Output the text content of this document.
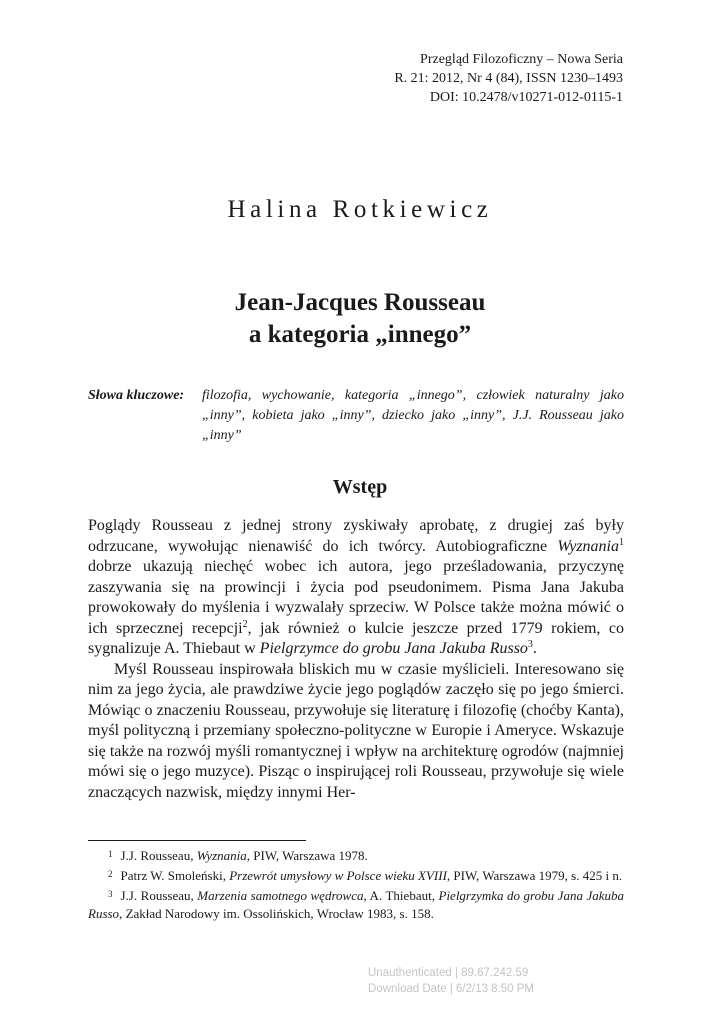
Przegląd Filozoficzny – Nowa Seria
R. 21: 2012, Nr 4 (84), ISSN 1230–1493
DOI: 10.2478/v10271-012-0115-1
Halina Rotkiewicz
Jean-Jacques Rousseau
a kategoria „innego”
Słowa kluczowe: filozofia, wychowanie, kategoria „innego”, człowiek naturalny jako „inny”, kobieta jako „inny”, dziecko jako „inny”, J.J. Rousseau jako „inny”
Wstęp

Poglądy Rousseau z jednej strony zyskiwały aprobatę, z drugiej zaś były odrzucane, wywołując nienawiść do ich twórcy. Autobiograficzne Wyznania$^1$ dobrze ukazują niechęć wobec ich autora, jego prześladowania, przyczynę zaszywania się na prowincji i życia pod pseudonimem. Pisma Jana Jakuba prowokowały do myślenia i wyzwalały sprzeciw. W Polsce także można mówić o ich sprzecznej recepcji$^2$, jak również o kulcie jeszcze przed 1779 rokiem, co sygnalizuje A. Thiebaut w Pielgrzymce do grobu Jana Jakuba Russo$^3$.

Myśl Rousseau inspirowała bliskich mu w czasie myślicieli. Interesowano się nim za jego życia, ale prawdziwe życie jego poglądów zaczęło się po jego śmierci. Mówiąc o znaczeniu Rousseau, przywołuje się literaturę i filozofię (choćby Kanta), myśl polityczną i przemiany społeczno-polityczne w Europie i Ameryce. Wskazuje się także na rozwój myśli romantycznej i wpływ na architekturę ogrodów (najmniej mówi się o jego muzyce). Pisząc o inspirującej roli Rousseau, przywołuje się wiele znaczących nazwisk, między innymi Her-

$^1$ J.J. Rousseau, Wyznania, PIW, Warszawa 1978.

$^2$ Patrz W. Smoleński, Przewrót umysłowy w Polsce wieku XVIII, PIW, Warszawa 1979, s. 425 i n.

$^3$ J.J. Rousseau, Marzenia samotnego wędrowca, A. Thiebaut, Pielgrzymka do grobu Jana Jakuba Russo, Zakład Narodowy im. Ossolińskich, Wrocław 1983, s. 158.

Unauthenticated | 89.67.242.59
Download Date | 6/2/13 8:50 PM
